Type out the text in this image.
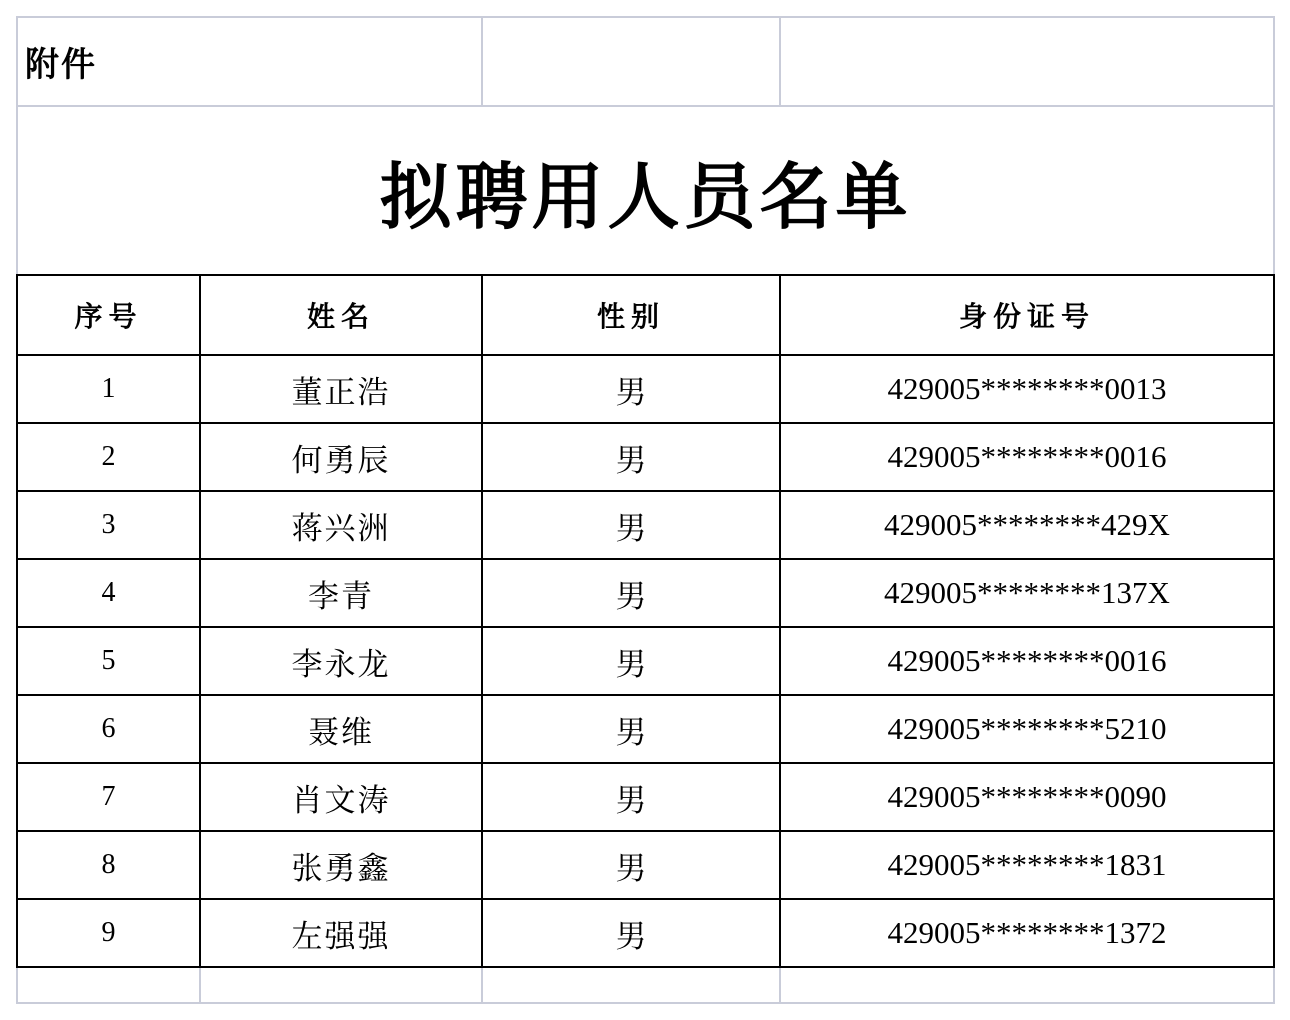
附件
拟聘用人员名单
序号	姓名	性别	身份证号
1	董正浩	男	429005********0013
2	何勇辰	男	429005********0016
3	蒋兴洲	男	429005********429X
4	李青	男	429005********137X
5	李永龙	男	429005********0016
6	聂维	男	429005********5210
7	肖文涛	男	429005********0090
8	张勇鑫	男	429005********1831
9	左强强	男	429005********1372
